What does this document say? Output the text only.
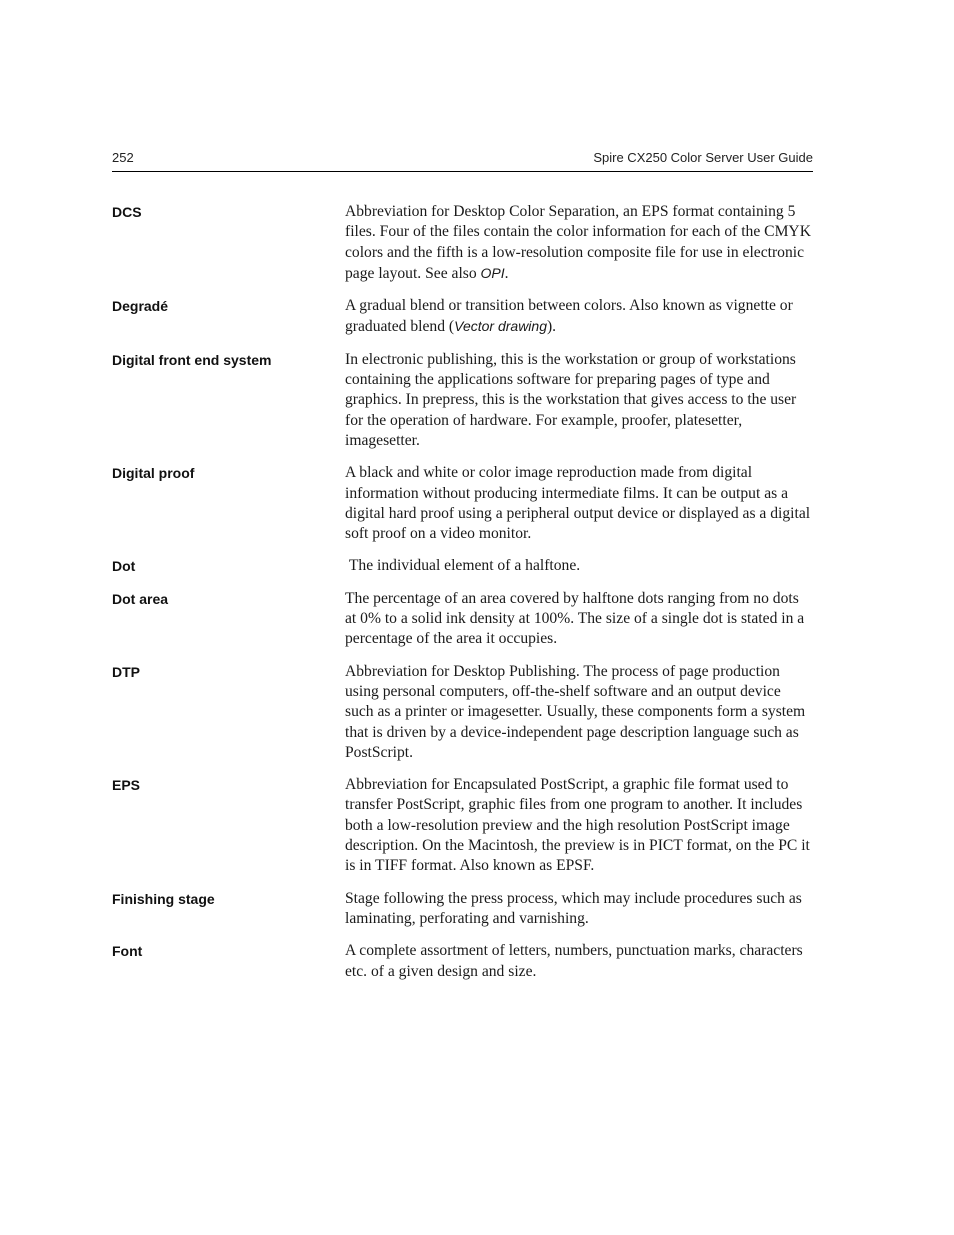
252	Spire CX250 Color Server User Guide
DCS	Abbreviation for Desktop Color Separation, an EPS format containing 5 files. Four of the files contain the color information for each of the CMYK colors and the fifth is a low-resolution composite file for use in electronic page layout. See also OPI.
Degradé	A gradual blend or transition between colors. Also known as vignette or graduated blend (Vector drawing).
Digital front end system	In electronic publishing, this is the workstation or group of workstations containing the applications software for preparing pages of type and graphics. In prepress, this is the workstation that gives access to the user for the operation of hardware. For example, proofer, platesetter, imagesetter.
Digital proof	A black and white or color image reproduction made from digital information without producing intermediate films. It can be output as a digital hard proof using a peripheral output device or displayed as a digital soft proof on a video monitor.
Dot	The individual element of a halftone.
Dot area	The percentage of an area covered by halftone dots ranging from no dots at 0% to a solid ink density at 100%. The size of a single dot is stated in a percentage of the area it occupies.
DTP	Abbreviation for Desktop Publishing. The process of page production using personal computers, off-the-shelf software and an output device such as a printer or imagesetter. Usually, these components form a system that is driven by a device-independent page description language such as PostScript.
EPS	Abbreviation for Encapsulated PostScript, a graphic file format used to transfer PostScript, graphic files from one program to another. It includes both a low-resolution preview and the high resolution PostScript image description. On the Macintosh, the preview is in PICT format, on the PC it is in TIFF format. Also known as EPSF.
Finishing stage	Stage following the press process, which may include procedures such as laminating, perforating and varnishing.
Font	A complete assortment of letters, numbers, punctuation marks, characters etc. of a given design and size.
